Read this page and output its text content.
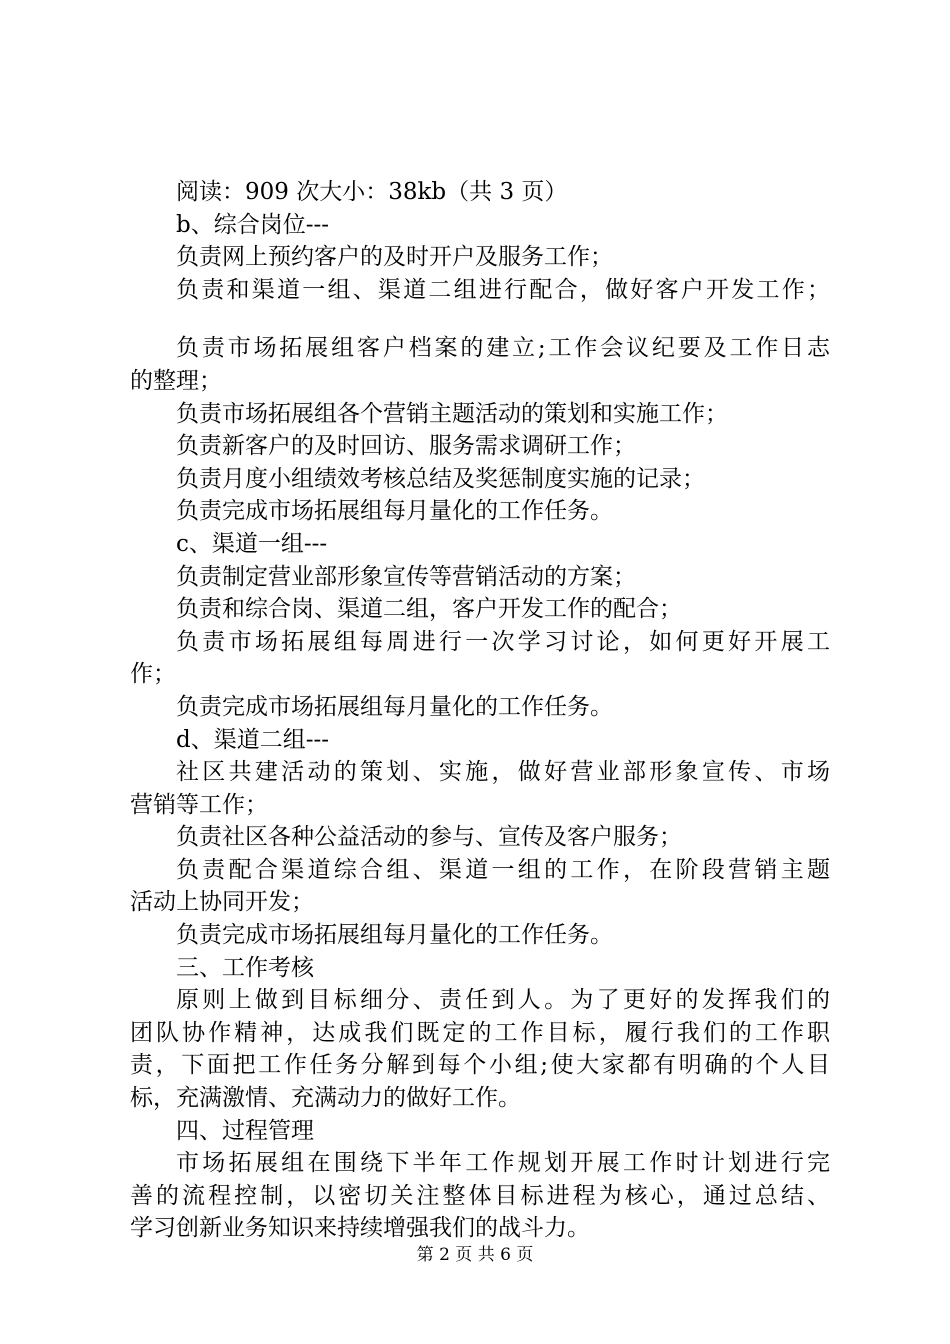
阅读：909 次大小：38kb（共 3 页）
b、综合岗位---
负责网上预约客户的及时开户及服务工作；
负责和渠道一组、渠道二组进行配合，做好客户开发工作；
负责市场拓展组客户档案的建立;工作会议纪要及工作日志
的整理；
负责市场拓展组各个营销主题活动的策划和实施工作；
负责新客户的及时回访、服务需求调研工作；
负责月度小组绩效考核总结及奖惩制度实施的记录；
负责完成市场拓展组每月量化的工作任务。
c、渠道一组---
负责制定营业部形象宣传等营销活动的方案；
负责和综合岗、渠道二组，客户开发工作的配合；
负责市场拓展组每周进行一次学习讨论，如何更好开展工
作；
负责完成市场拓展组每月量化的工作任务。
d、渠道二组---
社区共建活动的策划、实施，做好营业部形象宣传、市场
营销等工作；
负责社区各种公益活动的参与、宣传及客户服务；
负责配合渠道综合组、渠道一组的工作，在阶段营销主题
活动上协同开发；
负责完成市场拓展组每月量化的工作任务。
三、工作考核
原则上做到目标细分、责任到人。为了更好的发挥我们的
团队协作精神，达成我们既定的工作目标，履行我们的工作职
责，下面把工作任务分解到每个小组;使大家都有明确的个人目
标，充满激情、充满动力的做好工作。
四、过程管理
市场拓展组在围绕下半年工作规划开展工作时计划进行完
善的流程控制，以密切关注整体目标进程为核心，通过总结、
学习创新业务知识来持续增强我们的战斗力。
第 2 页 共 6 页
